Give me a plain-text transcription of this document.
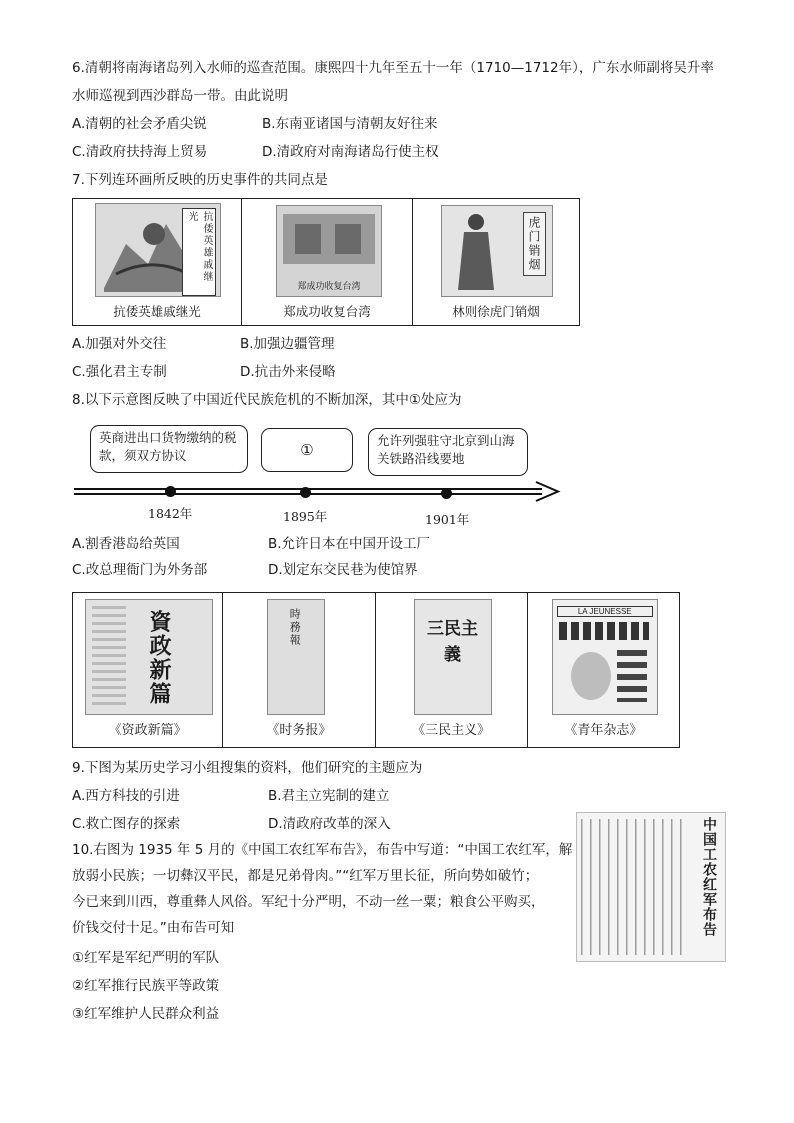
6.清朝将南海诸岛列入水师的巡查范围。康熙四十九年至五十一年（1710—1712年），广东水师副将吴升率
水师巡视到西沙群岛一带。由此说明
A.清朝的社会矛盾尖锐	B.东南亚诸国与清朝友好往来
C.清政府扶持海上贸易	D.清政府对南海诸岛行使主权
7.下列连环画所反映的历史事件的共同点是
抗倭英雄戚继光
抗倭英雄戚继光
郑成功收复台湾
郑成功收复台湾
虎门销烟
林则徐虎门销烟
A.加强对外交往	B.加强边疆管理
C.强化君主专制	D.抗击外来侵略
8.以下示意图反映了中国近代民族危机的不断加深，其中①处应为
英商进出口货物缴纳的税款，须双方协议	①
允许列强驻守北京到山海关铁路沿线要地
1842年	1895年	1901年
A.割香港岛给英国	B.允许日本在中国开设工厂
C.改总理衙门为外务部	D.划定东交民巷为使馆界
資政新篇
《资政新篇》
時務報
《时务报》
三民主義
《三民主义》
LA JEUNESSE
《青年杂志》
9.下图为某历史学习小组搜集的资料，他们研究的主题应为
A.西方科技的引进	B.君主立宪制的建立
C.救亡图存的探索	D.清政府改革的深入
10.右图为 1935 年 5 月的《中国工农红军布告》，布告中写道：“中国工农红军，解
放弱小民族；一切彝汉平民，都是兄弟骨肉。”“红军万里长征，所向势如破竹；
今已来到川西，尊重彝人风俗。军纪十分严明，不动一丝一粟；粮食公平购买，
价钱交付十足。”由布告可知
①红军是军纪严明的军队
②红军推行民族平等政策
③红军维护人民群众利益
中国工农红军布告
